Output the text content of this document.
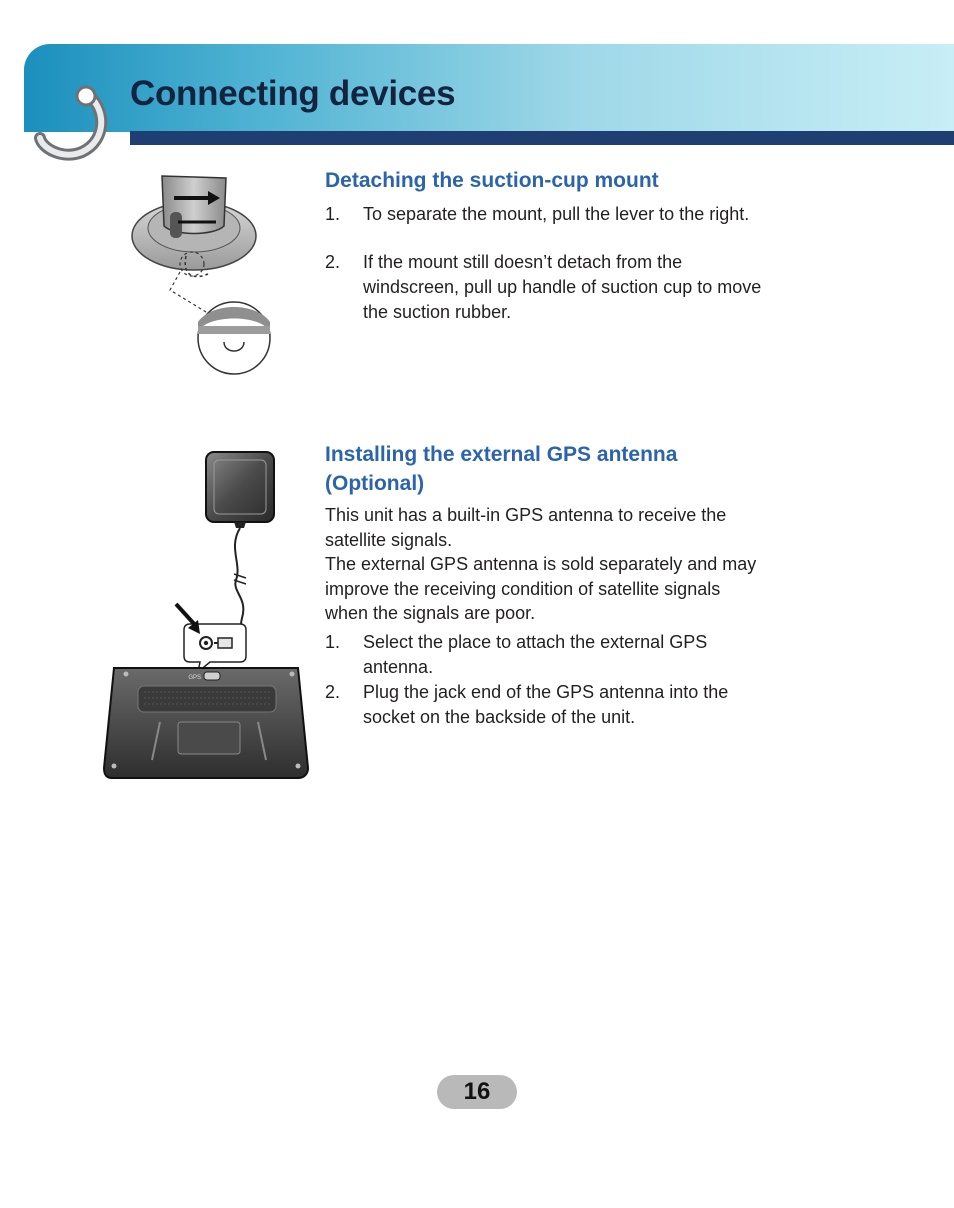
Connecting devices
Detaching the suction-cup mount
1. To separate the mount, pull the lever to the right.
2. If the mount still doesn’t detach from the
windscreen, pull up handle of suction cup to move
the suction rubber.
GPS
Installing the external GPS antenna
(Optional)

This unit has a built-in GPS antenna to receive the
satellite signals.
The external GPS antenna is sold separately and may
improve the receiving condition of satellite signals
when the signals are poor.

1. Select the place to attach the external GPS
antenna.
2. Plug the jack end of the GPS antenna into the
socket on the backside of the unit.
16
